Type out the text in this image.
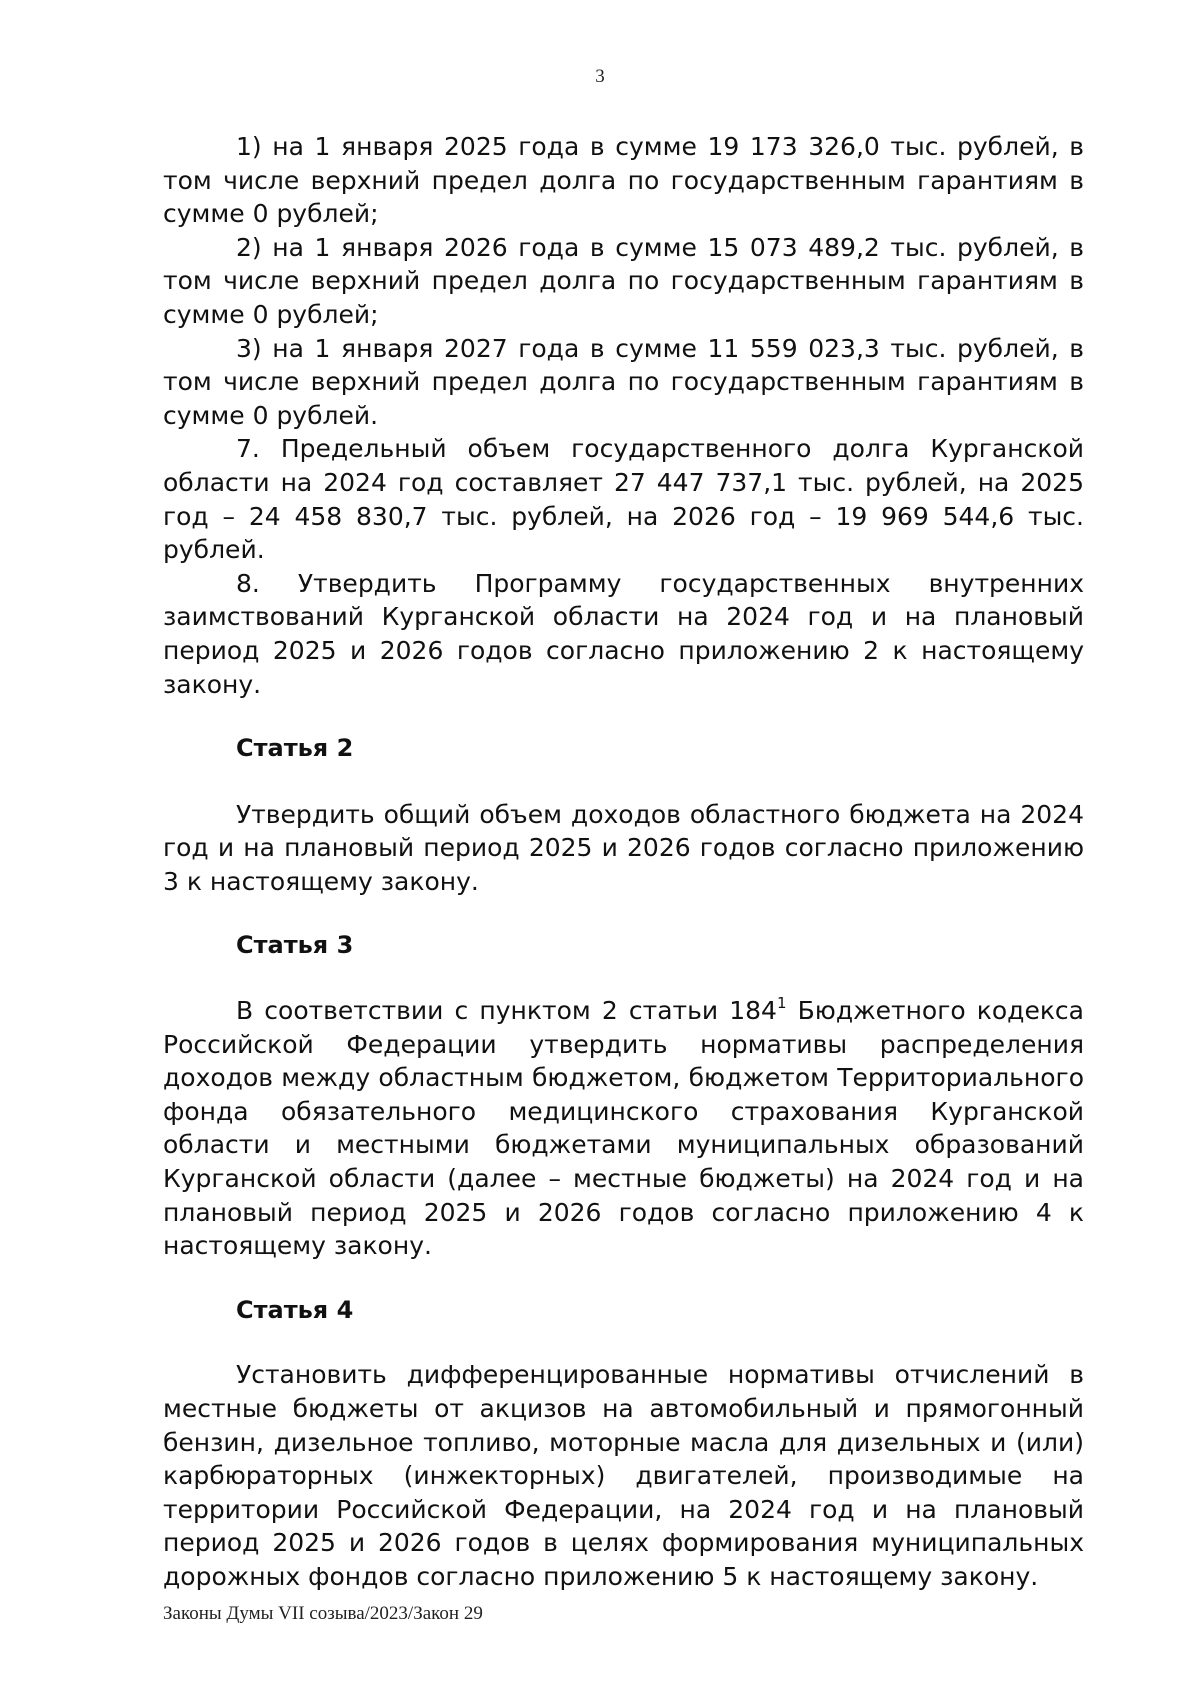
3

1) на 1 января 2025 года в сумме 19 173 326,0 тыс. рублей, в том числе верхний предел долга по государственным гарантиям в сумме 0 рублей;

2) на 1 января 2026 года в сумме 15 073 489,2 тыс. рублей, в том числе верхний предел долга по государственным гарантиям в сумме 0 рублей;

3) на 1 января 2027 года в сумме 11 559 023,3 тыс. рублей, в том числе верхний предел долга по государственным гарантиям в сумме 0 рублей.

7. Предельный объем государственного долга Курганской области на 2024 год составляет 27 447 737,1 тыс. рублей, на 2025 год – 24 458 830,7 тыс. рублей, на 2026 год – 19 969 544,6 тыс. рублей.

8. Утвердить Программу государственных внутренних заимствований Курганской области на 2024 год и на плановый период 2025 и 2026 годов согласно приложению 2 к настоящему закону.

Статья 2

Утвердить общий объем доходов областного бюджета на 2024 год и на плановый период 2025 и 2026 годов согласно приложению 3 к настоящему закону.

Статья 3

В соответствии с пунктом 2 статьи $184^1$ Бюджетного кодекса Российской Федерации утвердить нормативы распределения доходов между областным бюджетом, бюджетом Территориального фонда обязательного медицинского страхования Курганской области и местными бюджетами муниципальных образований Курганской области (далее – местные бюджеты) на 2024 год и на плановый период 2025 и 2026 годов согласно приложению 4 к настоящему закону.

Статья 4

Установить дифференцированные нормативы отчислений в местные бюджеты от акцизов на автомобильный и прямогонный бензин, дизельное топливо, моторные масла для дизельных и (или) карбюраторных (инжекторных) двигателей, производимые на территории Российской Федерации, на 2024 год и на плановый период 2025 и 2026 годов в целях формирования муниципальных дорожных фондов согласно приложению 5 к настоящему закону.

Законы Думы VII созыва/2023/Закон 29
